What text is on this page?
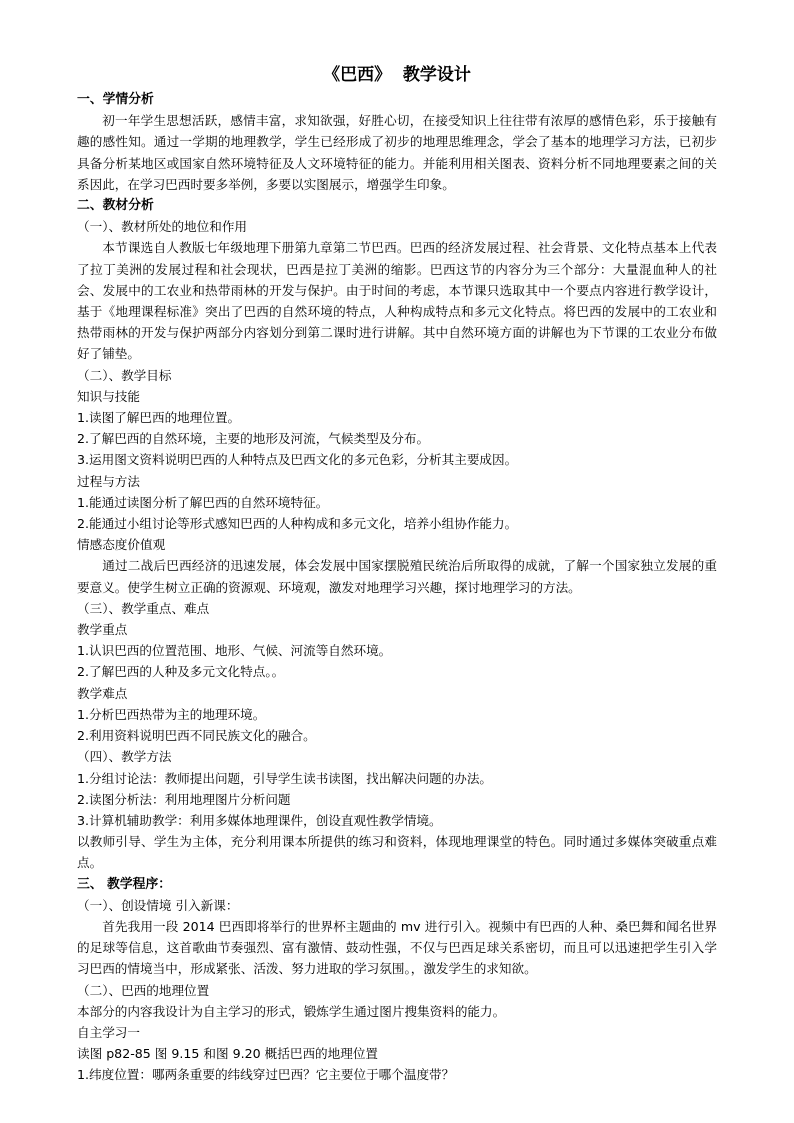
《巴西》  教学设计

一、学情分析

初一年学生思想活跃，感情丰富，求知欲强，好胜心切，在接受知识上往往带有浓厚的感情色彩，乐于接触有趣的感性知。通过一学期的地理教学，学生已经形成了初步的地理思维理念，学会了基本的地理学习方法，已初步具备分析某地区或国家自然环境特征及人文环境特征的能力。并能利用相关图表、资料分析不同地理要素之间的关系因此，在学习巴西时要多举例，多要以实图展示，增强学生印象。

二、教材分析

（一）、教材所处的地位和作用

本节课选自人教版七年级地理下册第九章第二节巴西。巴西的经济发展过程、社会背景、文化特点基本上代表了拉丁美洲的发展过程和社会现状，巴西是拉丁美洲的缩影。巴西这节的内容分为三个部分：大量混血种人的社会、发展中的工农业和热带雨林的开发与保护。由于时间的考虑，本节课只选取其中一个要点内容进行教学设计，基于《地理课程标准》突出了巴西的自然环境的特点，人种构成特点和多元文化特点。将巴西的发展中的工农业和热带雨林的开发与保护两部分内容划分到第二课时进行讲解。其中自然环境方面的讲解也为下节课的工农业分布做好了铺垫。

（二）、教学目标

知识与技能

1.读图了解巴西的地理位置。

2.了解巴西的自然环境，主要的地形及河流，气候类型及分布。

3.运用图文资料说明巴西的人种特点及巴西文化的多元色彩，分析其主要成因。

过程与方法

1.能通过读图分析了解巴西的自然环境特征。

2.能通过小组讨论等形式感知巴西的人种构成和多元文化，培养小组协作能力。

情感态度价值观

通过二战后巴西经济的迅速发展，体会发展中国家摆脱殖民统治后所取得的成就，了解一个国家独立发展的重要意义。使学生树立正确的资源观、环境观，激发对地理学习兴趣，探讨地理学习的方法。

（三）、教学重点、难点

教学重点

1.认识巴西的位置范围、地形、气候、河流等自然环境。

2.了解巴西的人种及多元文化特点。。

教学难点

1.分析巴西热带为主的地理环境。

2.利用资料说明巴西不同民族文化的融合。

（四）、教学方法

1.分组讨论法：教师提出问题，引导学生读书读图，找出解决问题的办法。

2.读图分析法：利用地理图片分析问题

3.计算机辅助教学：利用多媒体地理课件，创设直观性教学情境。

以教师引导、学生为主体，充分利用课本所提供的练习和资料，体现地理课堂的特色。同时通过多媒体突破重点难点。

三、 教学程序：

（一）、创设情境 引入新课：

首先我用一段 2014 巴西即将举行的世界杯主题曲的 mv 进行引入。视频中有巴西的人种、桑巴舞和闻名世界的足球等信息，这首歌曲节奏强烈、富有激情、鼓动性强，不仅与巴西足球关系密切，而且可以迅速把学生引入学习巴西的情境当中，形成紧张、活泼、努力进取的学习氛围。，激发学生的求知欲。

（二）、巴西的地理位置

本部分的内容我设计为自主学习的形式，锻炼学生通过图片搜集资料的能力。

自主学习一

读图 p82-85 图 9.15 和图 9.20 概括巴西的地理位置

1.纬度位置：哪两条重要的纬线穿过巴西？它主要位于哪个温度带？
